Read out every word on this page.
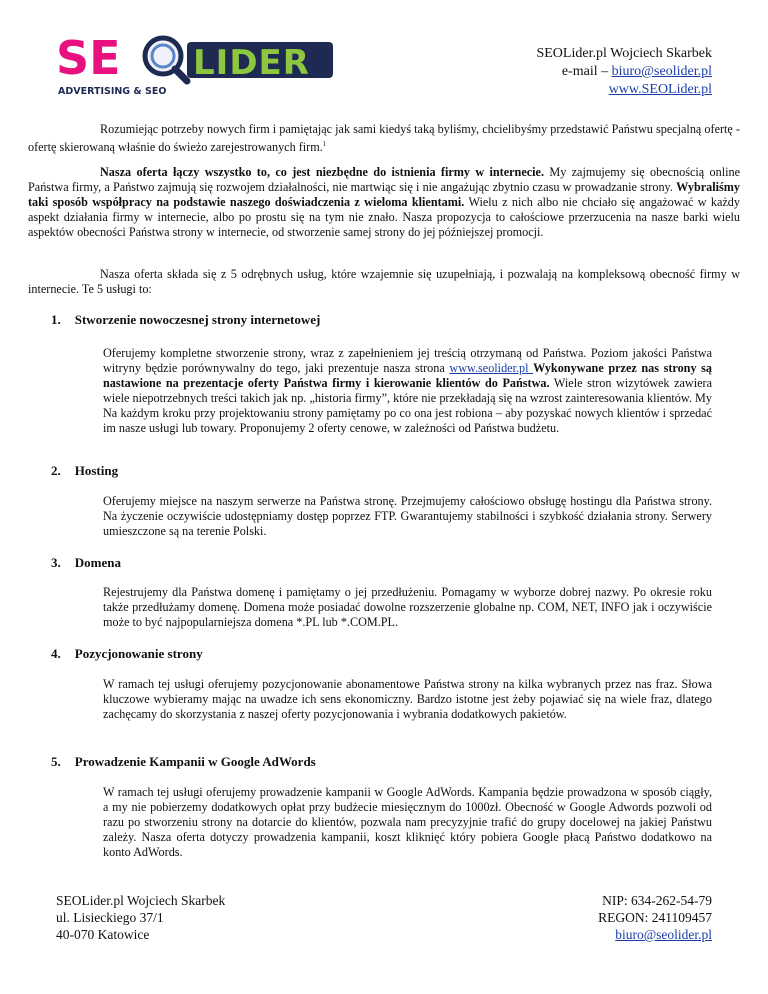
SE LIDER
ADVERTISING & SEO
SEOLider.pl Wojciech Skarbek
e-mail – biuro@seolider.pl
www.SEOLider.pl
Rozumiejąc potrzeby nowych firm i pamiętając jak sami kiedyś taką byliśmy, chcielibyśmy przedstawić Państwu specjalną ofertę - ofertę skierowaną właśnie do świeżo zarejestrowanych firm.$^1$
Nasza oferta łączy wszystko to, co jest niezbędne do istnienia firmy w internecie. My zajmujemy się obecnością online Państwa firmy, a Państwo zajmują się rozwojem działalności, nie martwiąc się i nie angażując zbytnio czasu w prowadzanie strony. Wybraliśmy taki sposób współpracy na podstawie naszego doświadczenia z wieloma klientami. Wielu z nich albo nie chciało się angażować w każdy aspekt działania firmy w internecie, albo po prostu się na tym nie znało. Nasza propozycja to całościowe przerzucenia na nasze barki wielu aspektów obecności Państwa strony w internecie, od stworzenie samej strony do jej późniejszej promocji.
Nasza oferta składa się z 5 odrębnych usług, które wzajemnie się uzupełniają, i pozwalają na kompleksową obecność firmy w internecie. Te 5 usługi to:
1. Stworzenie nowoczesnej strony internetowej
Oferujemy kompletne stworzenie strony, wraz z zapełnieniem jej treścią otrzymaną od Państwa. Poziom jakości Państwa witryny będzie porównywalny do tego, jaki prezentuje nasza strona www.seolider.pl Wykonywane przez nas strony są nastawione na prezentacje oferty Państwa firmy i kierowanie klientów do Państwa. Wiele stron wizytówek zawiera wiele niepotrzebnych treści takich jak np. „historia firmy”, które nie przekładają się na wzrost zainteresowania klientów. My Na każdym kroku przy projektowaniu strony pamiętamy po co ona jest robiona – aby pozyskać nowych klientów i sprzedać im nasze usługi lub towary. Proponujemy 2 oferty cenowe, w zależności od Państwa budżetu.
2. Hosting
Oferujemy miejsce na naszym serwerze na Państwa stronę. Przejmujemy całościowo obsługę hostingu dla Państwa strony. Na życzenie oczywiście udostępniamy dostęp poprzez FTP. Gwarantujemy stabilności i szybkość działania strony. Serwery umieszczone są na terenie Polski.
3. Domena
Rejestrujemy dla Państwa domenę i pamiętamy o jej przedłużeniu. Pomagamy w wyborze dobrej nazwy. Po okresie roku także przedłużamy domenę. Domena może posiadać dowolne rozszerzenie globalne np. COM, NET, INFO jak i oczywiście może to być najpopularniejsza domena *.PL lub *.COM.PL.
4. Pozycjonowanie strony
W ramach tej usługi oferujemy pozycjonowanie abonamentowe Państwa strony na kilka wybranych przez nas fraz. Słowa kluczowe wybieramy mając na uwadze ich sens ekonomiczny. Bardzo istotne jest żeby pojawiać się na wiele fraz, dlatego zachęcamy do skorzystania z naszej oferty pozycjonowania i wybrania dodatkowych pakietów.
5. Prowadzenie Kampanii w Google AdWords
W ramach tej usługi oferujemy prowadzenie kampanii w Google AdWords. Kampania będzie prowadzona w sposób ciągły, a my nie pobierzemy dodatkowych opłat przy budżecie miesięcznym do 1000zł. Obecność w Google Adwords pozwoli od razu po stworzeniu strony na dotarcie do klientów, pozwala nam precyzyjnie trafić do grupy docelowej na jakiej Państwu zależy. Nasza oferta dotyczy prowadzenia kampanii, koszt kliknięć który pobiera Google płacą Państwo dodatkowo na konto AdWords.
SEOLider.pl Wojciech Skarbek
ul. Lisieckiego 37/1
40-070 Katowice
NIP: 634-262-54-79
REGON: 241109457
biuro@seolider.pl
